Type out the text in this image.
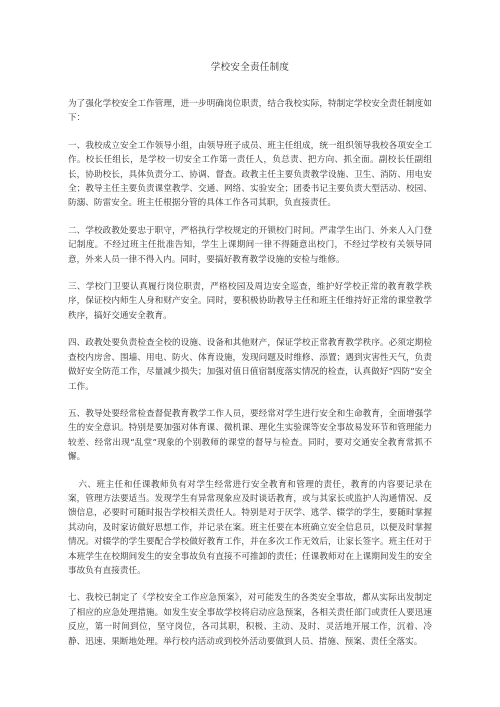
学校安全责任制度

为了强化学校安全工作管理，进一步明确岗位职责，结合我校实际，特制定学校安全责任制度如下：

一、我校成立安全工作领导小组，由领导班子成员、班主任组成，统一组织领导我校各项安全工作。校长任组长，是学校一切安全工作第一责任人，负总责、把方向、抓全面。副校长任副组长，协助校长，具体负责分工、协调、督查。政教主任主要负责教学设施、卫生、消防、用电安全；教导主任主要负责课堂教学、交通、网络、实验安全；团委书记主要负责大型活动、校园、防溺、防雷安全。班主任根据分管的具体工作各司其职，负直接责任。

二、学校政教处要忠于职守，严格执行学校规定的开锁校门时间。严肃学生出门、外来人入门登记制度。不经过班主任批准告知，学生上课期间一律不得随意出校门，不经过学校有关领导同意，外来人员一律不得入内。同时，要搞好教育教学设施的安检与维修。

三、学校门卫要认真履行岗位职责，严格校园及周边安全巡查，维护好学校正常的教育教学秩序，保证校内师生人身和财产安全。同时，要积极协助教导主任和班主任维持好正常的课堂教学秩序，搞好交通安全教育。

四、政教处要负责检查全校的设施、设备和其他财产，保证学校正常教育教学秩序。必须定期检查校内房舍、围墙、用电、防火、体育设施，发现问题及时维修、添置；遇到灾害性天气，负责做好安全防范工作，尽量减少损失；加强对值日值宿制度落实情况的检查，认真做好“四防”安全工作。

五、教导处要经常检查督促教育教学工作人员，要经常对学生进行安全和生命教育，全面增强学生的安全意识。特别是要加强对体育课、微机课、理化生实验课等安全事故易发环节和管理能力较差、经常出现“乱堂”现象的个别教师的课堂的督导与检查。同时，要对交通安全教育常抓不懈。

六、班主任和任课教师负有对学生经常进行安全教育和管理的责任，教育的内容要记录在案，管理方法要适当。发现学生有异常现象应及时谈话教育，或与其家长或监护人沟通情况、反馈信息，必要时可随时报告学校相关责任人。特别是对于厌学、逃学、辍学的学生，要随时掌握其动向，及时家访做好思想工作，并记录在案。班主任要在本班确立安全信息员，以便及时掌握情况。对辍学的学生要配合学校做好教育工作，并在多次工作无效后，让家长签字。班主任对于本班学生在校期间发生的安全事故负有直接不可推卸的责任；任课教师对在上课期间发生的安全事故负有直接责任。

七、我校已制定了《学校安全工作应急预案》，对可能发生的各类安全事故，都从实际出发制定了相应的应急处理措施。如发生安全事故学校将启动应急预案，各相关责任部门或责任人要迅速反应，第一时间到位，坚守岗位，各司其职，积极、主动、及时、灵活地开展工作，沉着、冷静、迅速、果断地处理。举行校内活动或到校外活动要做到人员、措施、预案、责任全落实。
